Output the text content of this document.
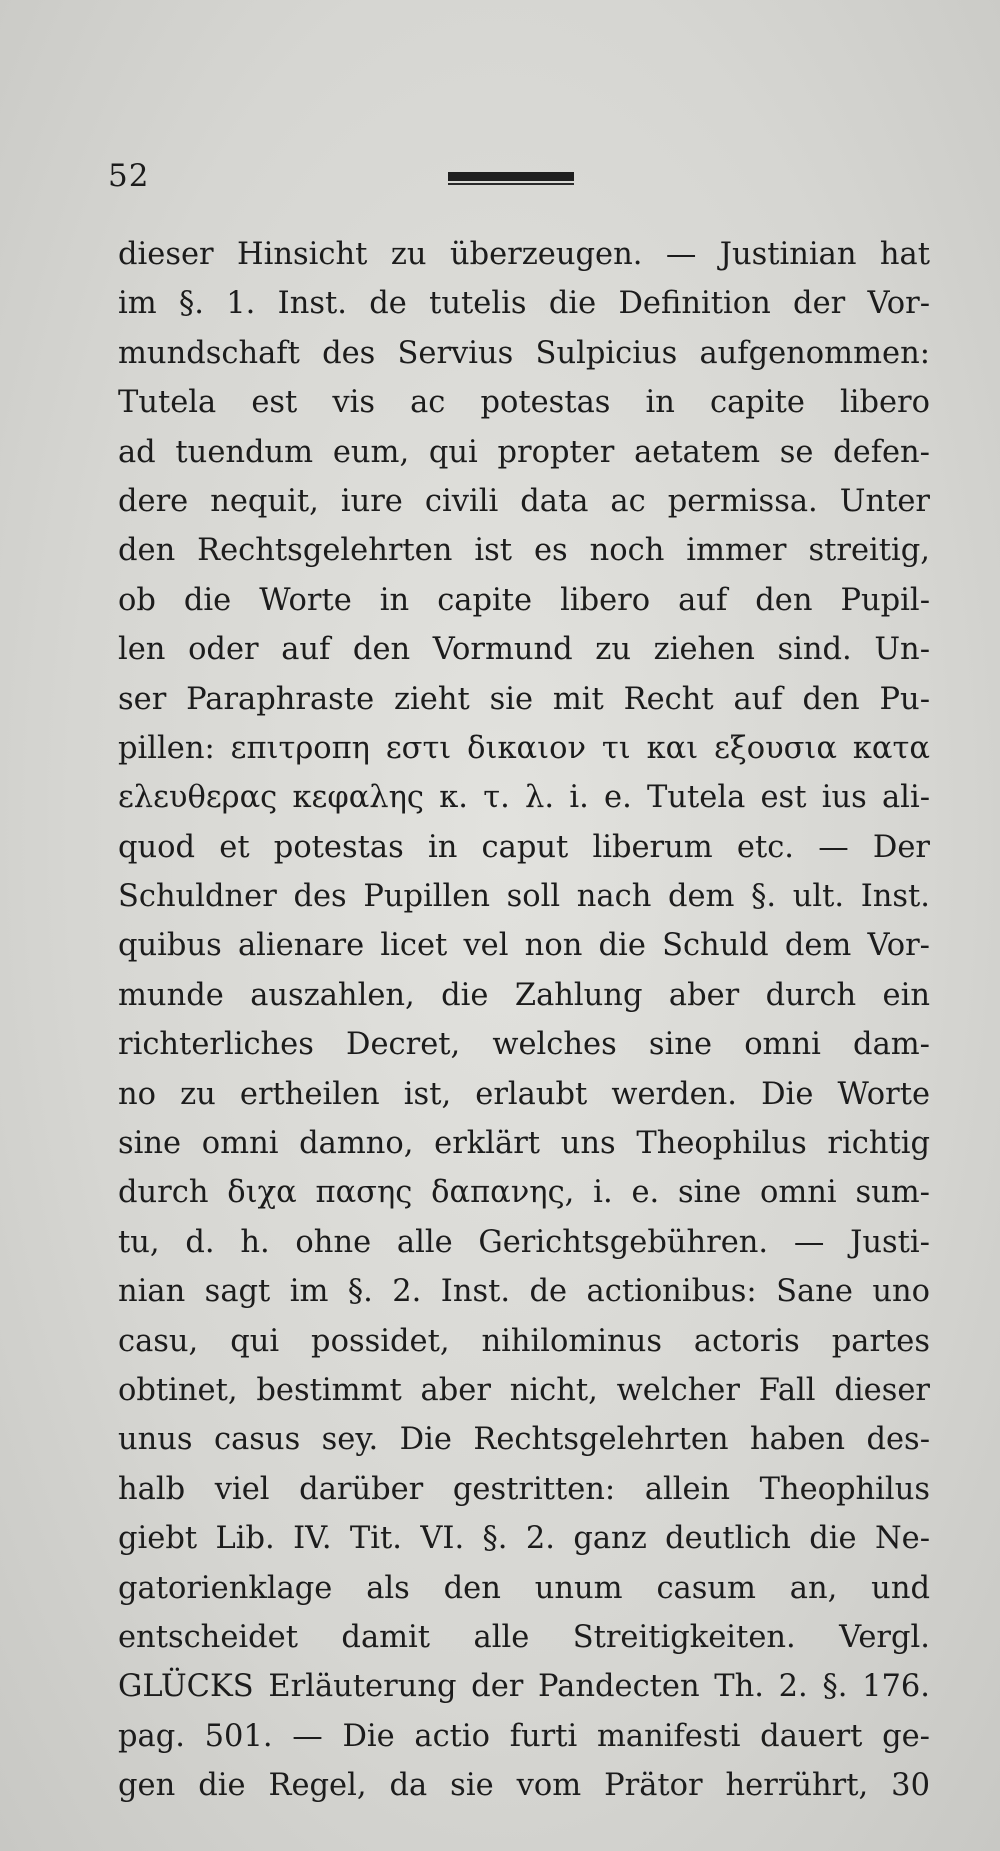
52
dieser Hinsicht zu überzeugen. — Justinian hat
im §. 1. Inst. de tutelis die Definition der Vor-
mundschaft des Servius Sulpicius aufgenommen:
Tutela est vis ac potestas in capite libero
ad tuendum eum, qui propter aetatem se defen-
dere nequit, iure civili data ac permissa. Unter
den Rechtsgelehrten ist es noch immer streitig,
ob die Worte in capite libero auf den Pupil-
len oder auf den Vormund zu ziehen sind. Un-
ser Paraphraste zieht sie mit Recht auf den Pu-
pillen: επιτροπη εστι δικαιον τι και εξουσια κατα
ελευθερας κεφαλης κ. τ. λ. i. e. Tutela est ius ali-
quod et potestas in caput liberum etc. — Der
Schuldner des Pupillen soll nach dem §. ult. Inst.
quibus alienare licet vel non die Schuld dem Vor-
munde auszahlen, die Zahlung aber durch ein
richterliches Decret, welches sine omni dam-
no zu ertheilen ist, erlaubt werden. Die Worte
sine omni damno, erklärt uns Theophilus richtig
durch διχα πασης δαπανης, i. e. sine omni sum-
tu, d. h. ohne alle Gerichtsgebühren. — Justi-
nian sagt im §. 2. Inst. de actionibus: Sane uno
casu, qui possidet, nihilominus actoris partes
obtinet, bestimmt aber nicht, welcher Fall dieser
unus casus sey. Die Rechtsgelehrten haben des-
halb viel darüber gestritten: allein Theophilus
giebt Lib. IV. Tit. VI. §. 2. ganz deutlich die Ne-
gatorienklage als den unum casum an, und
entscheidet damit alle Streitigkeiten. Vergl.
GLÜCKS Erläuterung der Pandecten Th. 2. §. 176.
pag. 501. — Die actio furti manifesti dauert ge-
gen die Regel, da sie vom Prätor herrührt, 30
